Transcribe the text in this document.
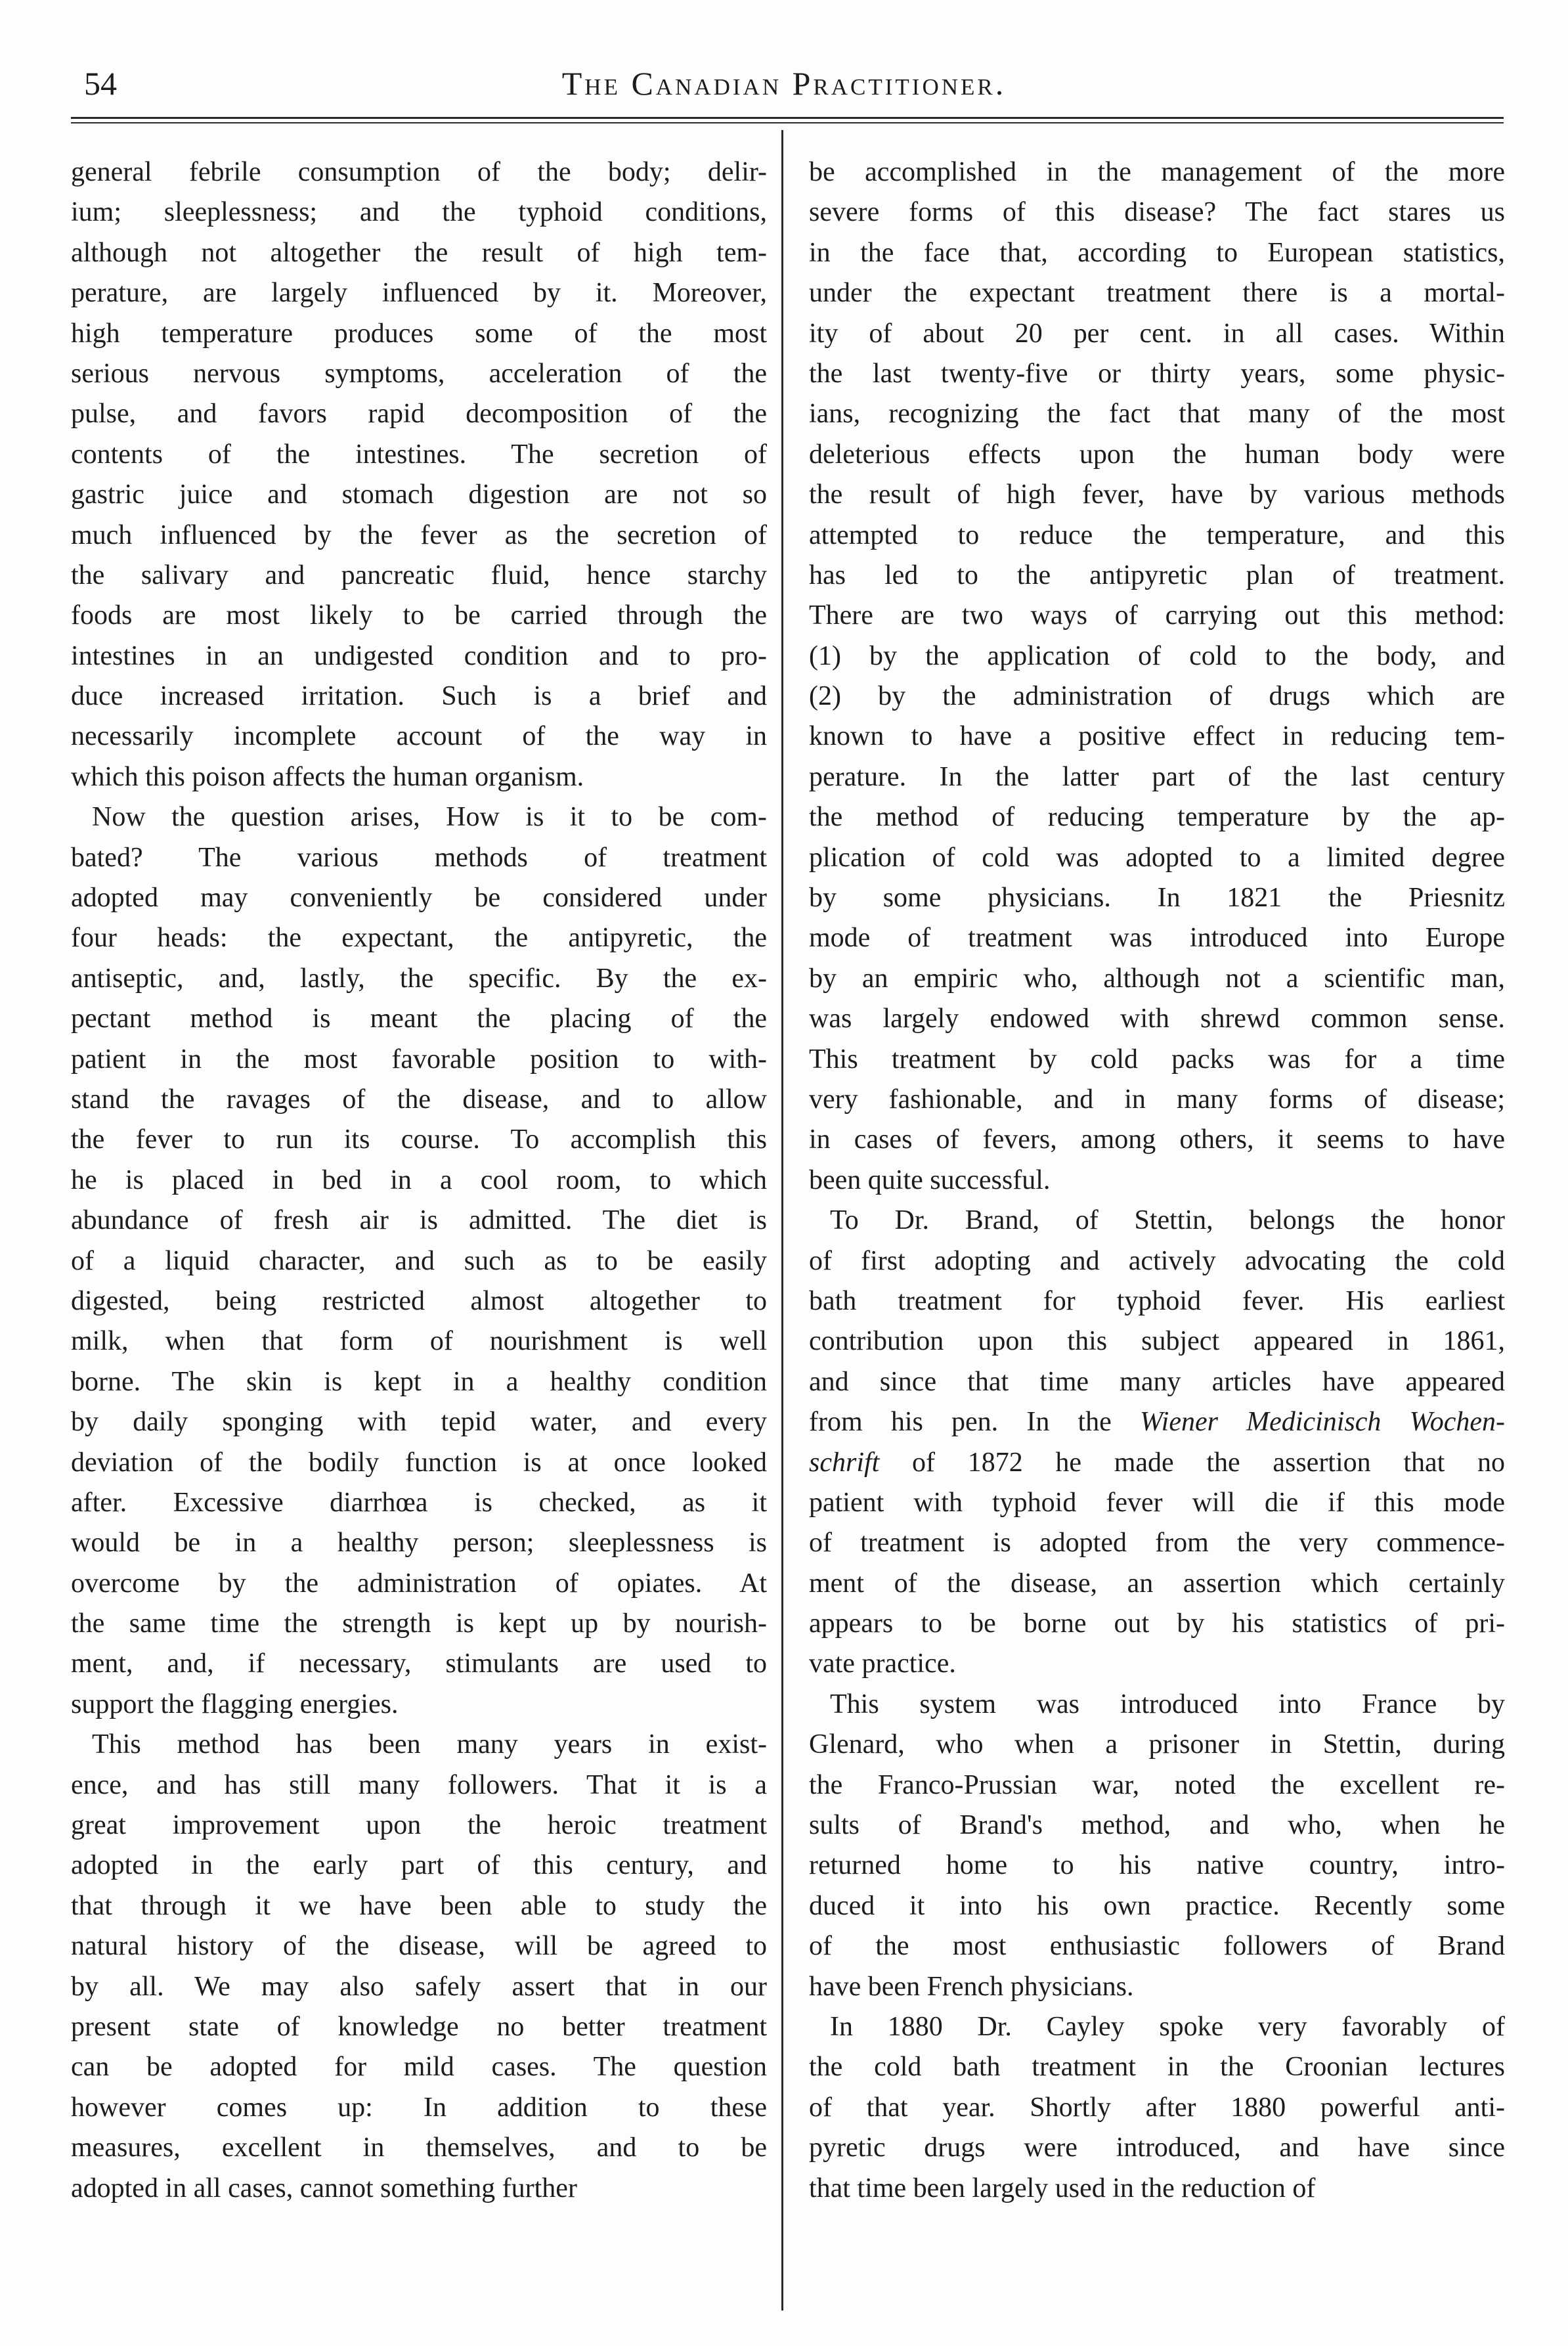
54	The Canadian Practitioner.
general febrile consumption of the body; delir-
ium; sleeplessness; and the typhoid conditions,
although not altogether the result of high tem-
perature, are largely influenced by it. Moreover,
high temperature produces some of the most
serious nervous symptoms, acceleration of the
pulse, and favors rapid decomposition of the
contents of the intestines. The secretion of
gastric juice and stomach digestion are not so
much influenced by the fever as the secretion of
the salivary and pancreatic fluid, hence starchy
foods are most likely to be carried through the
intestines in an undigested condition and to pro-
duce increased irritation. Such is a brief and
necessarily incomplete account of the way in
which this poison affects the human organism.
Now the question arises, How is it to be com-
bated? The various methods of treatment
adopted may conveniently be considered under
four heads: the expectant, the antipyretic, the
antiseptic, and, lastly, the specific. By the ex-
pectant method is meant the placing of the
patient in the most favorable position to with-
stand the ravages of the disease, and to allow
the fever to run its course. To accomplish this
he is placed in bed in a cool room, to which
abundance of fresh air is admitted. The diet is
of a liquid character, and such as to be easily
digested, being restricted almost altogether to
milk, when that form of nourishment is well
borne. The skin is kept in a healthy condition
by daily sponging with tepid water, and every
deviation of the bodily function is at once looked
after. Excessive diarrhœa is checked, as it
would be in a healthy person; sleeplessness is
overcome by the administration of opiates. At
the same time the strength is kept up by nourish-
ment, and, if necessary, stimulants are used to
support the flagging energies.
This method has been many years in exist-
ence, and has still many followers. That it is a
great improvement upon the heroic treatment
adopted in the early part of this century, and
that through it we have been able to study the
natural history of the disease, will be agreed to
by all. We may also safely assert that in our
present state of knowledge no better treatment
can be adopted for mild cases. The question
however comes up: In addition to these
measures, excellent in themselves, and to be
adopted in all cases, cannot something further
be accomplished in the management of the more
severe forms of this disease? The fact stares us
in the face that, according to European statistics,
under the expectant treatment there is a mortal-
ity of about 20 per cent. in all cases. Within
the last twenty-five or thirty years, some physic-
ians, recognizing the fact that many of the most
deleterious effects upon the human body were
the result of high fever, have by various methods
attempted to reduce the temperature, and this
has led to the antipyretic plan of treatment.
There are two ways of carrying out this method:
(1) by the application of cold to the body, and
(2) by the administration of drugs which are
known to have a positive effect in reducing tem-
perature. In the latter part of the last century
the method of reducing temperature by the ap-
plication of cold was adopted to a limited degree
by some physicians. In 1821 the Priesnitz
mode of treatment was introduced into Europe
by an empiric who, although not a scientific man,
was largely endowed with shrewd common sense.
This treatment by cold packs was for a time
very fashionable, and in many forms of disease;
in cases of fevers, among others, it seems to have
been quite successful.
To Dr. Brand, of Stettin, belongs the honor
of first adopting and actively advocating the cold
bath treatment for typhoid fever. His earliest
contribution upon this subject appeared in 1861,
and since that time many articles have appeared
from his pen. In the Wiener Medicinisch Wochen-
schrift of 1872 he made the assertion that no
patient with typhoid fever will die if this mode
of treatment is adopted from the very commence-
ment of the disease, an assertion which certainly
appears to be borne out by his statistics of pri-
vate practice.
This system was introduced into France by
Glenard, who when a prisoner in Stettin, during
the Franco-Prussian war, noted the excellent re-
sults of Brand's method, and who, when he
returned home to his native country, intro-
duced it into his own practice. Recently some
of the most enthusiastic followers of Brand
have been French physicians.
In 1880 Dr. Cayley spoke very favorably of
the cold bath treatment in the Croonian lectures
of that year. Shortly after 1880 powerful anti-
pyretic drugs were introduced, and have since
that time been largely used in the reduction of
